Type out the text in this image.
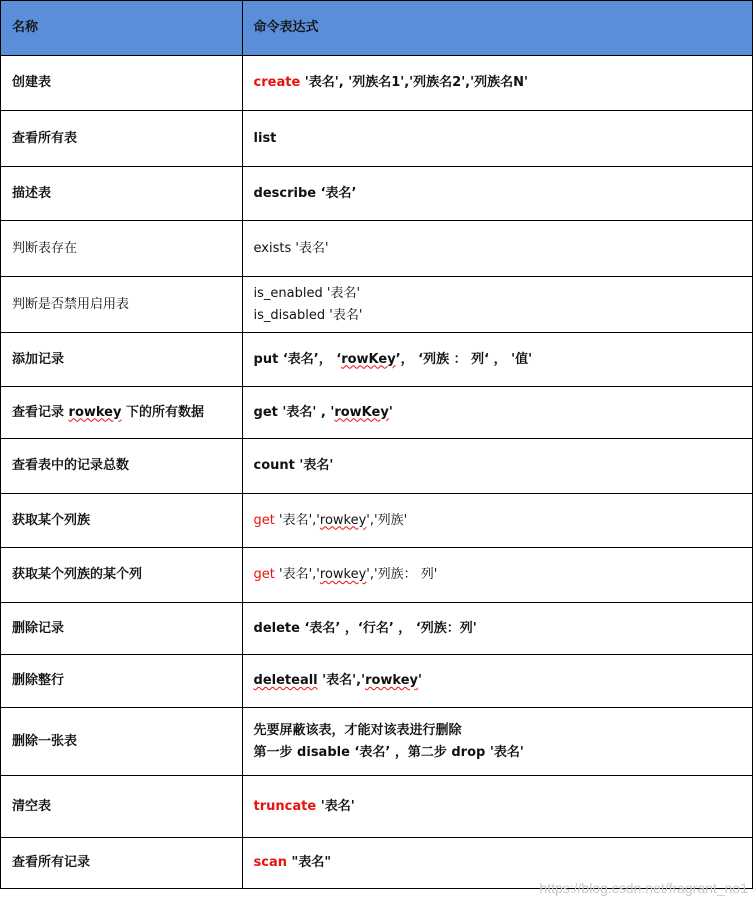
名称	命令表达式
创建表	create '表名', '列族名1','列族名2','列族名N'
查看所有表	list
描述表	describe ‘表名’
判断表存在	exists '表名'
判断是否禁用启用表	is_enabled '表名'
is_disabled '表名'

添加记录	put ‘表名’， ‘rowKey’， ‘列族 ： 列‘ ， '值'
查看记录 rowkey 下的所有数据	get '表名' , 'rowKey'
查看表中的记录总数	count '表名'
获取某个列族	get '表名','rowkey','列族'
获取某个列族的某个列	get '表名','rowkey','列族： 列'
删除记录	delete ‘表名’ ，‘行名’ ， ‘列族：列'
删除整行	deleteall '表名','rowkey'
删除一张表	先要屏蔽该表，才能对该表进行删除
第一步 disable ‘表名’ ，第二步 drop '表名'

清空表	truncate '表名'
查看所有记录	scan "表名"
https://blog.csdn.net/fragrant_no1
